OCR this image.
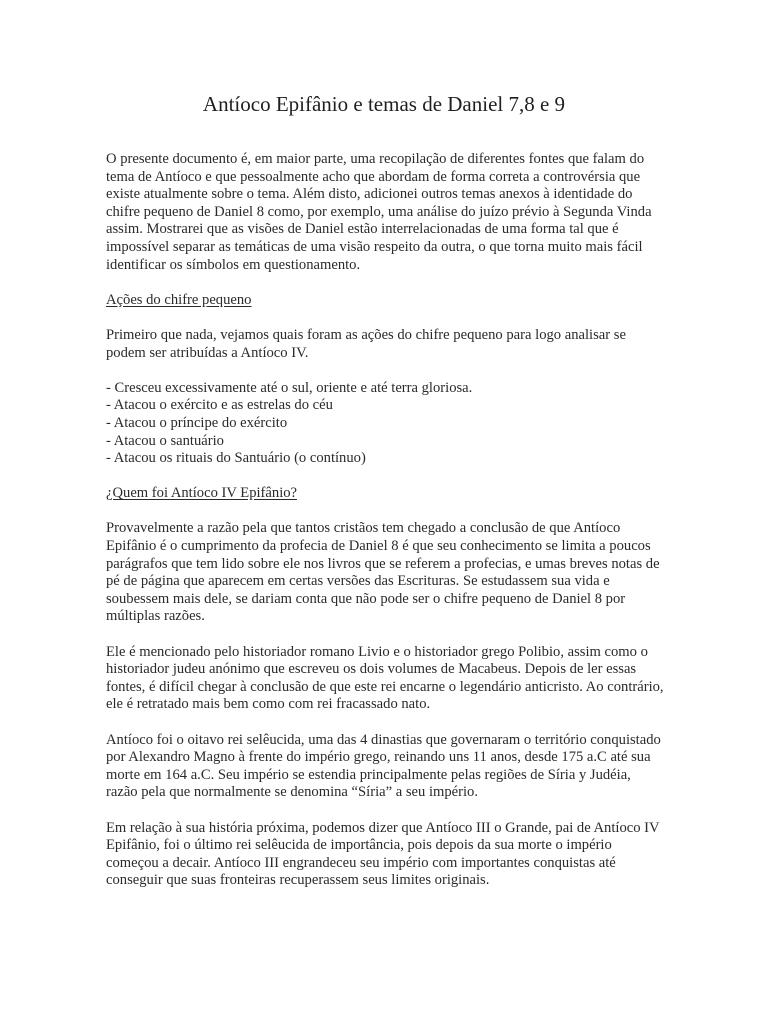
Antíoco Epifânio e temas de Daniel 7,8 e 9

O presente documento é, em maior parte, uma recopilação de diferentes fontes que falam do tema de Antíoco e que pessoalmente acho que abordam de forma correta a controvérsia que existe atualmente sobre o tema. Além disto, adicionei outros temas anexos à identidade do chifre pequeno de Daniel 8 como, por exemplo, uma análise do juízo prévio à Segunda Vinda assim. Mostrarei que as visões de Daniel estão interrelacionadas de uma forma tal que é impossível separar as temáticas de uma visão respeito da outra, o que torna muito mais fácil identificar os símbolos em questionamento.

Ações do chifre pequeno

Primeiro que nada, vejamos quais foram as ações do chifre pequeno para logo analisar se podem ser atribuídas a Antíoco IV.

- Cresceu excessivamente até o sul, oriente e até terra gloriosa.
- Atacou o exército e as estrelas do céu
- Atacou o príncipe do exército
- Atacou o santuário
- Atacou os rituais do Santuário (o contínuo)

¿Quem foi Antíoco IV Epifânio?

Provavelmente a razão pela que tantos cristãos tem chegado a conclusão de que Antíoco Epifânio é o cumprimento da profecia de Daniel 8 é que seu conhecimento se limita a poucos parágrafos que tem lido sobre ele nos livros que se referem a profecias, e umas breves notas de pé de página que aparecem em certas versões das Escrituras. Se estudassem sua vida e soubessem mais dele, se dariam conta que não pode ser o chifre pequeno de Daniel 8 por múltiplas razões.

Ele é mencionado pelo historiador romano Livio e o historiador grego Polibio, assim como o historiador judeu anónimo que escreveu os dois volumes de Macabeus. Depois de ler essas fontes, é difícil chegar à conclusão de que este rei encarne o legendário anticristo. Ao contrário, ele é retratado mais bem como com rei fracassado nato.

Antíoco foi o oitavo rei selêucida, uma das 4 dinastias que governaram o território conquistado por Alexandro Magno à frente do império grego, reinando uns 11 anos, desde 175 a.C até sua morte em 164 a.C. Seu império se estendia principalmente pelas regiões de Síria y Judéia, razão pela que normalmente se denomina “Síria” a seu império.

Em relação à sua história próxima, podemos dizer que Antíoco III o Grande, pai de Antíoco IV Epifânio, foi o último rei selêucida de importância, pois depois da sua morte o império começou a decair. Antíoco III engrandeceu seu império com importantes conquistas até conseguir que suas fronteiras recuperassem seus limites originais.
